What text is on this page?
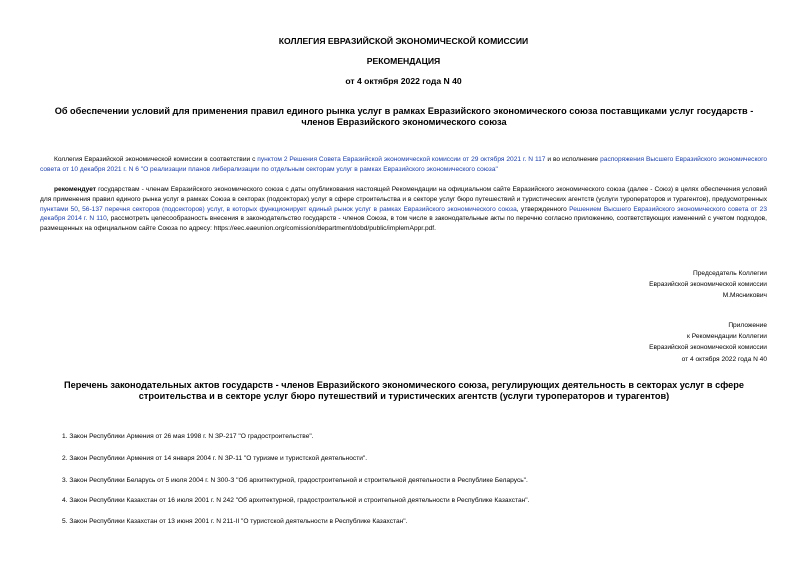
КОЛЛЕГИЯ ЕВРАЗИЙСКОЙ ЭКОНОМИЧЕСКОЙ КОМИССИИ
РЕКОМЕНДАЦИЯ
от 4 октября 2022 года N 40
Об обеспечении условий для применения правил единого рынка услуг в рамках Евразийского экономического союза поставщиками услуг государств - членов Евразийского экономического союза
Коллегия Евразийской экономической комиссии в соответствии с пунктом 2 Решения Совета Евразийской экономической комиссии от 29 октября 2021 г. N 117 и во исполнение распоряжения Высшего Евразийского экономического совета от 10 декабря 2021 г. N 6 "О реализации планов либерализации по отдельным секторам услуг в рамках Евразийского экономического союза"
рекомендует государствам - членам Евразийского экономического союза с даты опубликования настоящей Рекомендации на официальном сайте Евразийского экономического союза (далее - Союз) в целях обеспечения условий для применения правил единого рынка услуг в рамках Союза в секторах (подсекторах) услуг в сфере строительства и в секторе услуг бюро путешествий и туристических агентств (услуги туроператоров и турагентов), предусмотренных пунктами 50, 56-137 перечня секторов (подсекторов) услуг, в которых функционирует единый рынок услуг в рамках Евразийского экономического союза, утвержденного Решением Высшего Евразийского экономического совета от 23 декабря 2014 г. N 110, рассмотреть целесообразность внесения в законодательство государств - членов Союза, в том числе в законодательные акты по перечню согласно приложению, соответствующих изменений с учетом подходов, размещенных на официальном сайте Союза по адресу: https://eec.eaeunion.org/comission/department/dobd/public/implemAppr.pdf.
Председатель Коллегии
Евразийской экономической комиссии
М.Мясникович
Приложение
к Рекомендации Коллегии
Евразийской экономической комиссии
от 4 октября 2022 года N 40
Перечень законодательных актов государств - членов Евразийского экономического союза, регулирующих деятельность в секторах услуг в сфере строительства и в секторе услуг бюро путешествий и туристических агентств (услуги туроператоров и турагентов)
1. Закон Республики Армения от 26 мая 1998 г. N ЗР-217 "О градостроительстве".
2. Закон Республики Армения от 14 января 2004 г. N ЗР-11 "О туризме и туристской деятельности".
3. Закон Республики Беларусь от 5 июля 2004 г. N 300-З "Об архитектурной, градостроительной и строительной деятельности в Республике Беларусь".
4. Закон Республики Казахстан от 16 июля 2001 г. N 242 "Об архитектурной, градостроительной и строительной деятельности в Республике Казахстан".
5. Закон Республики Казахстан от 13 июня 2001 г. N 211-II "О туристской деятельности в Республике Казахстан".
